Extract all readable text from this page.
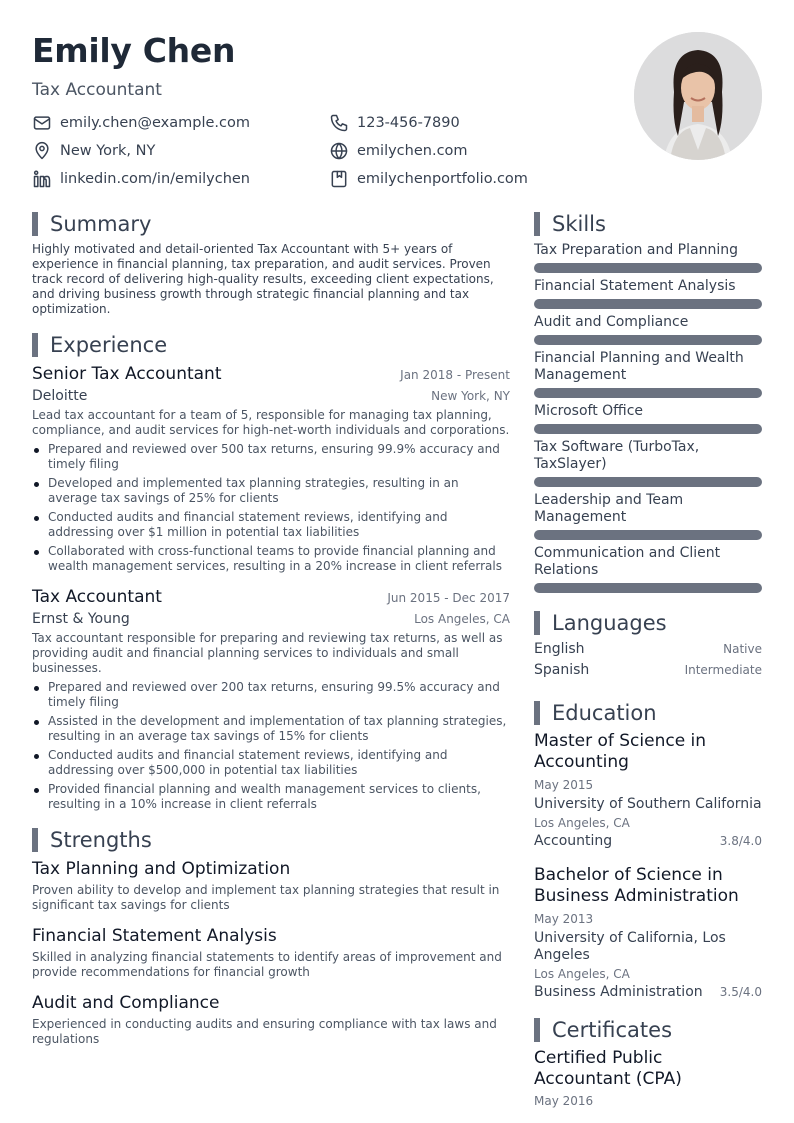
Emily Chen
Tax Accountant
emily.chen@example.com	123-456-7890
New York, NY	emilychen.com
linkedin.com/in/emilychen	emilychenportfolio.com
Summary
Highly motivated and detail-oriented Tax Accountant with 5+ years of experience in financial planning, tax preparation, and audit services. Proven track record of delivering high-quality results, exceeding client expectations, and driving business growth through strategic financial planning and tax optimization.
Experience
Senior Tax Accountant	Jan 2018 - Present
Deloitte	New York, NY
Lead tax accountant for a team of 5, responsible for managing tax planning, compliance, and audit services for high-net-worth individuals and corporations.
Prepared and reviewed over 500 tax returns, ensuring 99.9% accuracy and timely filing
Developed and implemented tax planning strategies, resulting in an average tax savings of 25% for clients
Conducted audits and financial statement reviews, identifying and addressing over $1 million in potential tax liabilities
Collaborated with cross-functional teams to provide financial planning and wealth management services, resulting in a 20% increase in client referrals
Tax Accountant	Jun 2015 - Dec 2017
Ernst & Young	Los Angeles, CA
Tax accountant responsible for preparing and reviewing tax returns, as well as providing audit and financial planning services to individuals and small businesses.
Prepared and reviewed over 200 tax returns, ensuring 99.5% accuracy and timely filing
Assisted in the development and implementation of tax planning strategies, resulting in an average tax savings of 15% for clients
Conducted audits and financial statement reviews, identifying and addressing over $500,000 in potential tax liabilities
Provided financial planning and wealth management services to clients, resulting in a 10% increase in client referrals
Strengths
Tax Planning and Optimization
Proven ability to develop and implement tax planning strategies that result in significant tax savings for clients
Financial Statement Analysis
Skilled in analyzing financial statements to identify areas of improvement and provide recommendations for financial growth
Audit and Compliance
Experienced in conducting audits and ensuring compliance with tax laws and regulations
Skills
Tax Preparation and Planning
Financial Statement Analysis
Audit and Compliance
Financial Planning and Wealth Management
Microsoft Office
Tax Software (TurboTax, TaxSlayer)
Leadership and Team Management
Communication and Client Relations
Languages
English	Native
Spanish	Intermediate
Education
Master of Science in Accounting
May 2015
University of Southern California
Los Angeles, CA
Accounting	3.8/4.0
Bachelor of Science in Business Administration
May 2013
University of California, Los Angeles
Los Angeles, CA
Business Administration 3.5/4.0
Certificates
Certified Public Accountant (CPA)
May 2016
